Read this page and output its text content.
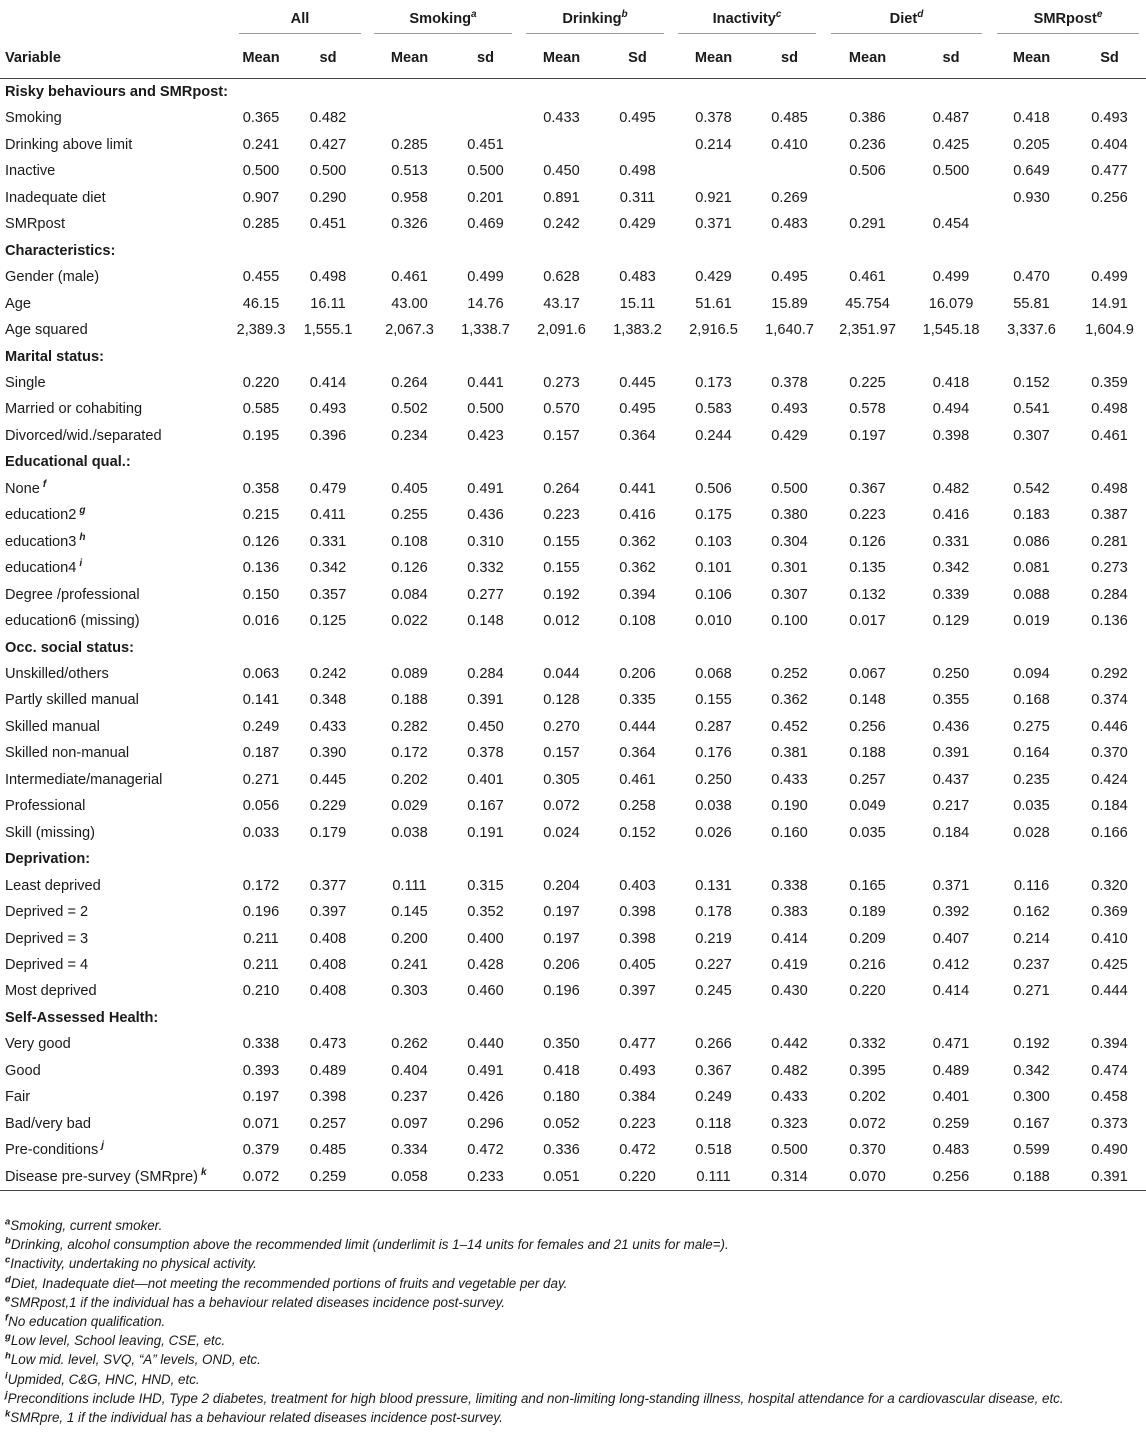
	All		Smoking$^a$		Drinking$^b$		Inactivity$^c$		Diet$^d$		SMRpost$^e$
Variable	Mean	sd	Mean	sd	Mean	Sd	Mean	sd	Mean	sd	Mean	Sd
Risky behaviours and SMRpost:												
Smoking	0.365	0.482			0.433	0.495	0.378	0.485	0.386	0.487	0.418	0.493
Drinking above limit	0.241	0.427	0.285	0.451			0.214	0.410	0.236	0.425	0.205	0.404
Inactive	0.500	0.500	0.513	0.500	0.450	0.498			0.506	0.500	0.649	0.477
Inadequate diet	0.907	0.290	0.958	0.201	0.891	0.311	0.921	0.269			0.930	0.256
SMRpost	0.285	0.451	0.326	0.469	0.242	0.429	0.371	0.483	0.291	0.454		
Characteristics:												
Gender (male)	0.455	0.498	0.461	0.499	0.628	0.483	0.429	0.495	0.461	0.499	0.470	0.499
Age	46.15	16.11	43.00	14.76	43.17	15.11	51.61	15.89	45.754	16.079	55.81	14.91
Age squared	2,389.3	1,555.1	2,067.3	1,338.7	2,091.6	1,383.2	2,916.5	1,640.7	2,351.97	1,545.18	3,337.6	1,604.9
Marital status:												
Single	0.220	0.414	0.264	0.441	0.273	0.445	0.173	0.378	0.225	0.418	0.152	0.359
Married or cohabiting	0.585	0.493	0.502	0.500	0.570	0.495	0.583	0.493	0.578	0.494	0.541	0.498
Divorced/wid./separated	0.195	0.396	0.234	0.423	0.157	0.364	0.244	0.429	0.197	0.398	0.307	0.461
Educational qual.:												
None $^f$	0.358	0.479	0.405	0.491	0.264	0.441	0.506	0.500	0.367	0.482	0.542	0.498
education2 $^g$	0.215	0.411	0.255	0.436	0.223	0.416	0.175	0.380	0.223	0.416	0.183	0.387
education3 $^h$	0.126	0.331	0.108	0.310	0.155	0.362	0.103	0.304	0.126	0.331	0.086	0.281
education4 $^i$	0.136	0.342	0.126	0.332	0.155	0.362	0.101	0.301	0.135	0.342	0.081	0.273
Degree /professional	0.150	0.357	0.084	0.277	0.192	0.394	0.106	0.307	0.132	0.339	0.088	0.284
education6 (missing)	0.016	0.125	0.022	0.148	0.012	0.108	0.010	0.100	0.017	0.129	0.019	0.136
Occ. social status:												
Unskilled/others	0.063	0.242	0.089	0.284	0.044	0.206	0.068	0.252	0.067	0.250	0.094	0.292
Partly skilled manual	0.141	0.348	0.188	0.391	0.128	0.335	0.155	0.362	0.148	0.355	0.168	0.374
Skilled manual	0.249	0.433	0.282	0.450	0.270	0.444	0.287	0.452	0.256	0.436	0.275	0.446
Skilled non-manual	0.187	0.390	0.172	0.378	0.157	0.364	0.176	0.381	0.188	0.391	0.164	0.370
Intermediate/managerial	0.271	0.445	0.202	0.401	0.305	0.461	0.250	0.433	0.257	0.437	0.235	0.424
Professional	0.056	0.229	0.029	0.167	0.072	0.258	0.038	0.190	0.049	0.217	0.035	0.184
Skill (missing)	0.033	0.179	0.038	0.191	0.024	0.152	0.026	0.160	0.035	0.184	0.028	0.166
Deprivation:												
Least deprived	0.172	0.377	0.111	0.315	0.204	0.403	0.131	0.338	0.165	0.371	0.116	0.320
Deprived = 2	0.196	0.397	0.145	0.352	0.197	0.398	0.178	0.383	0.189	0.392	0.162	0.369
Deprived = 3	0.211	0.408	0.200	0.400	0.197	0.398	0.219	0.414	0.209	0.407	0.214	0.410
Deprived = 4	0.211	0.408	0.241	0.428	0.206	0.405	0.227	0.419	0.216	0.412	0.237	0.425
Most deprived	0.210	0.408	0.303	0.460	0.196	0.397	0.245	0.430	0.220	0.414	0.271	0.444
Self-Assessed Health:												
Very good	0.338	0.473	0.262	0.440	0.350	0.477	0.266	0.442	0.332	0.471	0.192	0.394
Good	0.393	0.489	0.404	0.491	0.418	0.493	0.367	0.482	0.395	0.489	0.342	0.474
Fair	0.197	0.398	0.237	0.426	0.180	0.384	0.249	0.433	0.202	0.401	0.300	0.458
Bad/very bad	0.071	0.257	0.097	0.296	0.052	0.223	0.118	0.323	0.072	0.259	0.167	0.373
Pre-conditions $^j$	0.379	0.485	0.334	0.472	0.336	0.472	0.518	0.500	0.370	0.483	0.599	0.490
Disease pre-survey (SMRpre) $^k$	0.072	0.259	0.058	0.233	0.051	0.220	0.111	0.314	0.070	0.256	0.188	0.391
$^a$Smoking, current smoker.
$^b$Drinking, alcohol consumption above the recommended limit (underlimit is 1–14 units for females and 21 units for male=).
$^c$Inactivity, undertaking no physical activity.
$^d$Diet, Inadequate diet—not meeting the recommended portions of fruits and vegetable per day.
$^e$SMRpost,1 if the individual has a behaviour related diseases incidence post-survey.
$^f$No education qualification.
$^g$Low level, School leaving, CSE, etc.
$^h$Low mid. level, SVQ, “A” levels, OND, etc.
$^i$Upmided, C&G, HNC, HND, etc.
$^j$Preconditions include IHD, Type 2 diabetes, treatment for high blood pressure, limiting and non-limiting long-standing illness, hospital attendance for a cardiovascular disease, etc.
$^k$SMRpre, 1 if the individual has a behaviour related diseases incidence post-survey.
